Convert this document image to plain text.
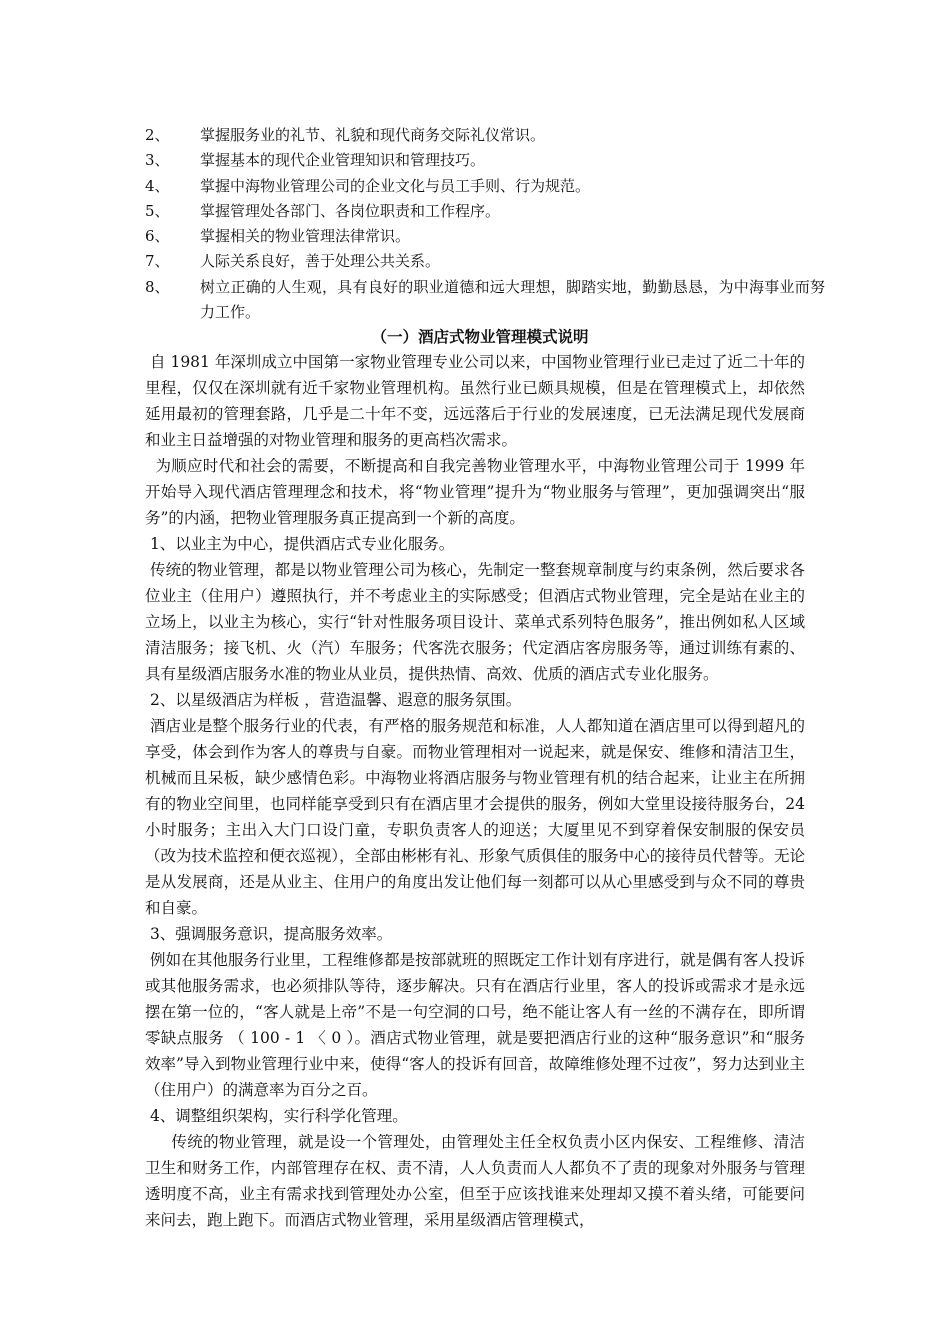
2、	掌握服务业的礼节、礼貌和现代商务交际礼仪常识。
3、	掌握基本的现代企业管理知识和管理技巧。
4、	掌握中海物业管理公司的企业文化与员工手则、行为规范。
5、	掌握管理处各部门、各岗位职责和工作程序。
6、	掌握相关的物业管理法律常识。
7、	人际关系良好，善于处理公共关系。
8、	树立正确的人生观，具有良好的职业道德和远大理想，脚踏实地，勤勤恳恳，为中海事业而努力工作。
（一）酒店式物业管理模式说明

自 1981 年深圳成立中国第一家物业管理专业公司以来，中国物业管理行业已走过了近二十年的里程，仅仅在深圳就有近千家物业管理机构。虽然行业已颇具规模，但是在管理模式上，却依然延用最初的管理套路，几乎是二十年不变，远远落后于行业的发展速度，已无法满足现代发展商和业主日益增强的对物业管理和服务的更高档次需求。

为顺应时代和社会的需要，不断提高和自我完善物业管理水平，中海物业管理公司于 1999 年开始导入现代酒店管理理念和技术，将“物业管理”提升为“物业服务与管理”，更加强调突出“服务”的内涵，把物业管理服务真正提高到一个新的高度。

1、以业主为中心，提供酒店式专业化服务。

传统的物业管理，都是以物业管理公司为核心，先制定一整套规章制度与约束条例，然后要求各位业主（住用户）遵照执行，并不考虑业主的实际感受；但酒店式物业管理，完全是站在业主的立场上，以业主为核心，实行“针对性服务项目设计、菜单式系列特色服务”，推出例如私人区域清洁服务；接飞机、火（汽）车服务；代客洗衣服务；代定酒店客房服务等，通过训练有素的、具有星级酒店服务水准的物业从业员，提供热情、高效、优质的酒店式专业化服务。

2、以星级酒店为样板 ，营造温馨、遐意的服务氛围。

酒店业是整个服务行业的代表，有严格的服务规范和标准，人人都知道在酒店里可以得到超凡的享受，体会到作为客人的尊贵与自豪。而物业管理相对一说起来，就是保安、维修和清洁卫生，机械而且呆板，缺少感情色彩。中海物业将酒店服务与物业管理有机的结合起来，让业主在所拥有的物业空间里，也同样能享受到只有在酒店里才会提供的服务，例如大堂里设接待服务台，24 小时服务；主出入大门口设门童，专职负责客人的迎送；大厦里见不到穿着保安制服的保安员（改为技术监控和便衣巡视），全部由彬彬有礼、形象气质俱佳的服务中心的接待员代替等。无论是从发展商，还是从业主、住用户的角度出发让他们每一刻都可以从心里感受到与众不同的尊贵和自豪。

3、强调服务意识，提高服务效率。

例如在其他服务行业里，工程维修都是按部就班的照既定工作计划有序进行，就是偶有客人投诉或其他服务需求，也必须排队等待，逐步解决。只有在酒店行业里，客人的投诉或需求才是永远摆在第一位的，“客人就是上帝”不是一句空洞的口号，绝不能让客人有一丝的不满存在，即所谓零缺点服务 （ 100 - 1 〈 0 ）。酒店式物业管理，就是要把酒店行业的这种“服务意识”和“服务效率”导入到物业管理行业中来，使得“客人的投诉有回音，故障维修处理不过夜”，努力达到业主（住用户）的满意率为百分之百。

4、调整组织架构，实行科学化管理。

传统的物业管理，就是设一个管理处，由管理处主任全权负责小区内保安、工程维修、清洁卫生和财务工作，内部管理存在权、责不清，人人负责而人人都负不了责的现象对外服务与管理透明度不高，业主有需求找到管理处办公室，但至于应该找谁来处理却又摸不着头绪，可能要问来问去，跑上跑下。而酒店式物业管理，采用星级酒店管理模式，
